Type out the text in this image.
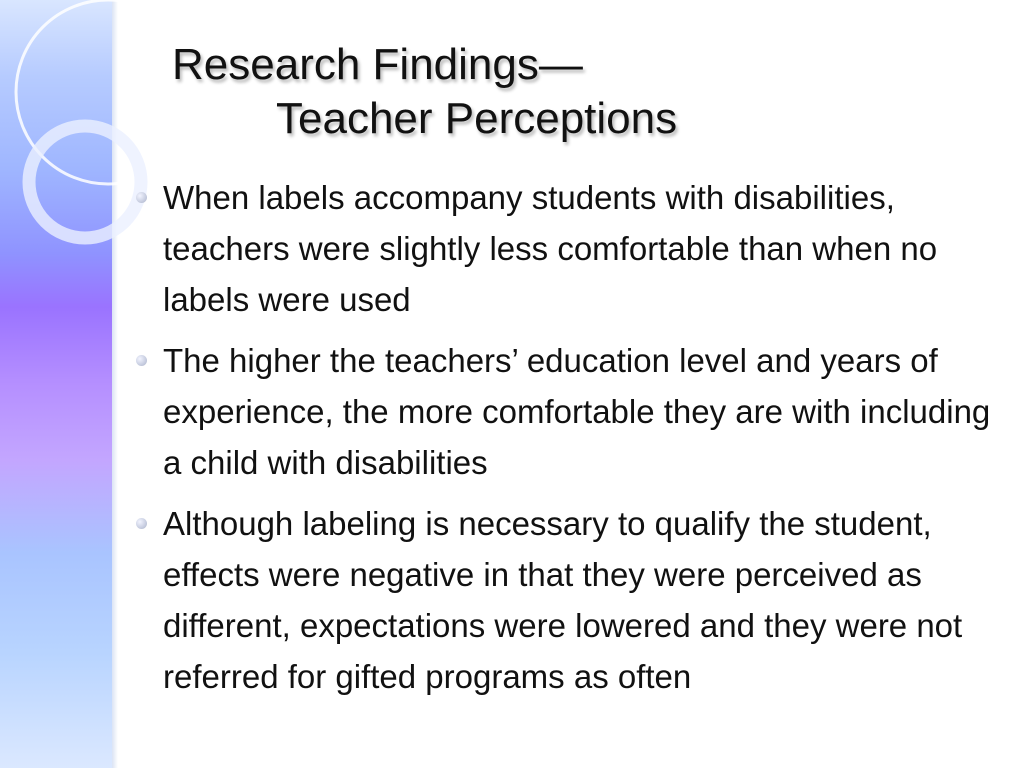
Research Findings—
Teacher Perceptions
When labels accompany students with disabilities, teachers were slightly less comfortable than when no labels were used
The higher the teachers’ education level and years of experience, the more comfortable they are with including a child with disabilities
Although labeling is necessary to qualify the student, effects were negative in that they were perceived as different, expectations were lowered and they were not referred for gifted programs as often
